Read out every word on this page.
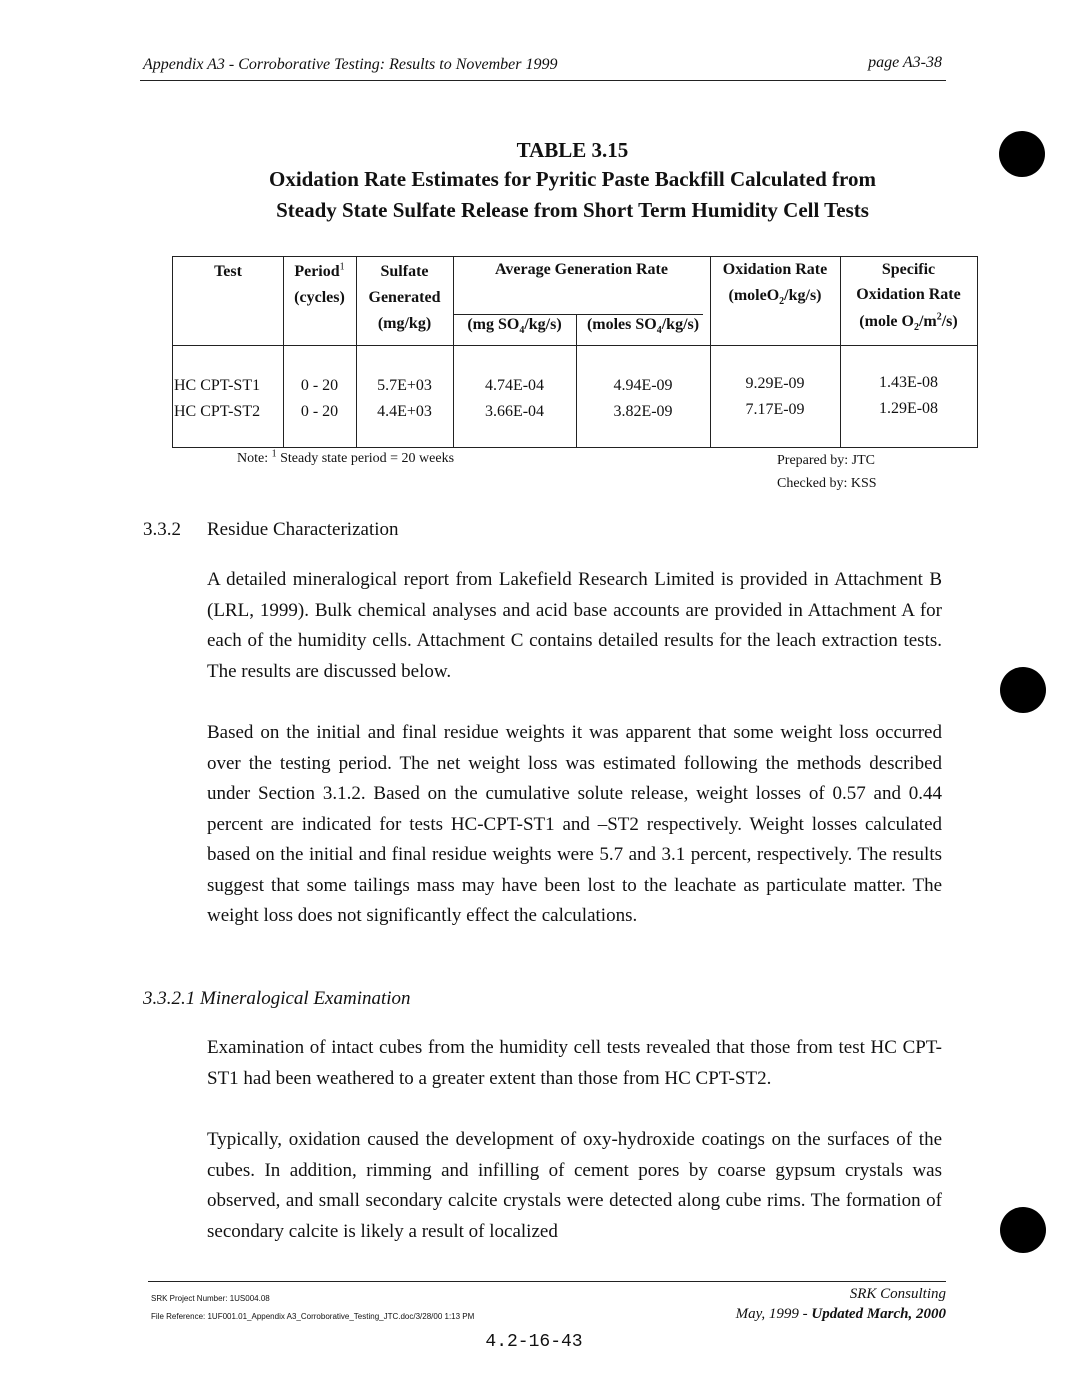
Appendix A3 - Corroborative Testing: Results to November 1999	page A3-38
TABLE 3.15
Oxidation Rate Estimates for Pyritic Paste Backfill Calculated from
Steady State Sulfate Release from Short Term Humidity Cell Tests
Test	Period$^1$
(cycles)
Sulfate
Generated
(mg/kg)
Average Generation Rate
(mg $SO_4/kg/s$)	(moles $SO_4/kg/s$)
Oxidation Rate
(moleO$_2$/kg/s)
Specific
Oxidation Rate
(mole $O_2/m^2/s$)
HC CPT-ST1	0 - 20	5.7E+03	4.74E-04	4.94E-09	9.29E-09	1.43E-08
HC CPT-ST2	0 - 20	4.4E+03	3.66E-04	3.82E-09	7.17E-09	1.29E-08
Note: $^1$ Steady state period = 20 weeks	Prepared by: JTC
Checked by: KSS
3.3.2 Residue Characterization
A detailed mineralogical report from Lakefield Research Limited is provided in Attachment B (LRL, 1999). Bulk chemical analyses and acid base accounts are provided in Attachment A for each of the humidity cells. Attachment C contains detailed results for the leach extraction tests. The results are discussed below.
Based on the initial and final residue weights it was apparent that some weight loss occurred over the testing period. The net weight loss was estimated following the methods described under Section 3.1.2. Based on the cumulative solute release, weight losses of 0.57 and 0.44 percent are indicated for tests HC-CPT-ST1 and –ST2 respectively. Weight losses calculated based on the initial and final residue weights were 5.7 and 3.1 percent, respectively. The results suggest that some tailings mass may have been lost to the leachate as particulate matter. The weight loss does not significantly effect the calculations.
3.3.2.1 Mineralogical Examination
Examination of intact cubes from the humidity cell tests revealed that those from test HC CPT-ST1 had been weathered to a greater extent than those from HC CPT-ST2.
Typically, oxidation caused the development of oxy-hydroxide coatings on the surfaces of the cubes. In addition, rimming and infilling of cement pores by coarse gypsum crystals was observed, and small secondary calcite crystals were detected along cube rims. The formation of secondary calcite is likely a result of localized
SRK Project Number: 1US004.08
File Reference: 1UF001.01_Appendix A3_Corroborative_Testing_JTC.doc/3/28/00 1:13 PM
SRK Consulting
May, 1999 - Updated March, 2000
4.2-16-43
